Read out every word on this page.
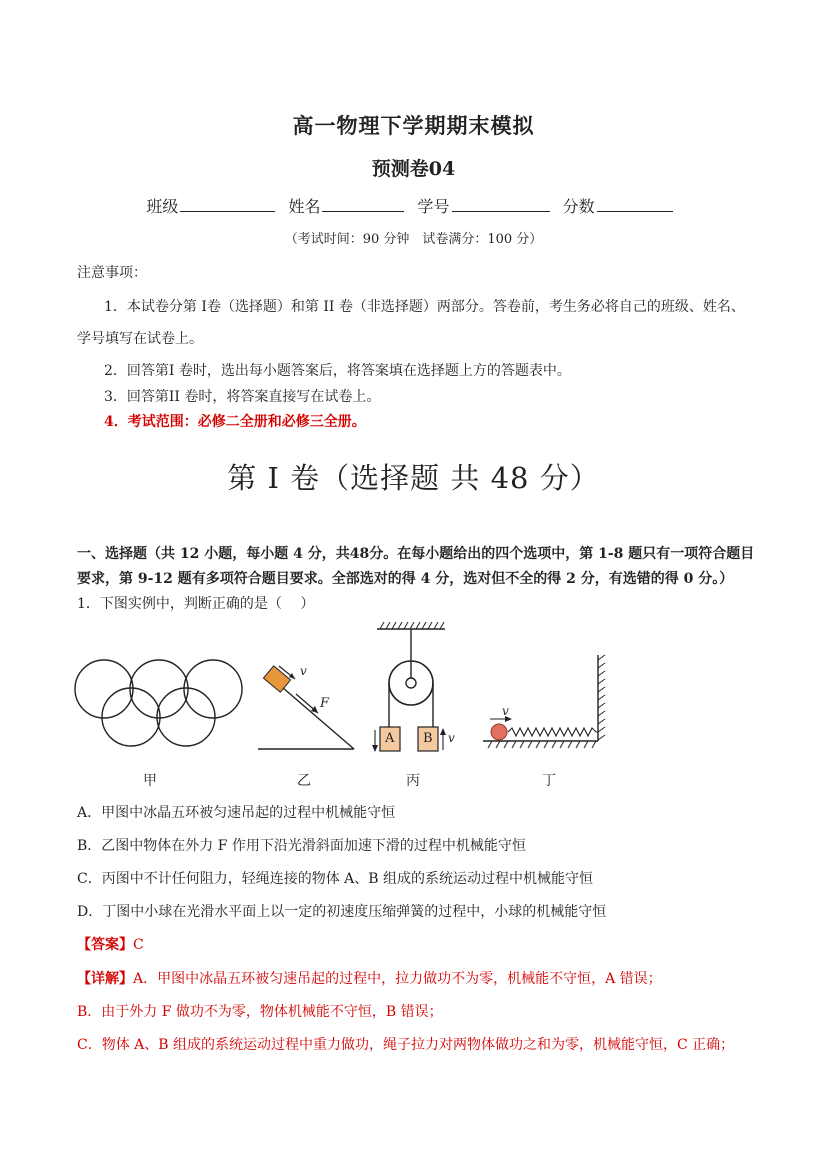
高一物理下学期期末模拟
预测卷04
班级	姓名	学号	分数
（考试时间：90 分钟　试卷满分：100 分）
注意事项：
1．本试卷分第 I卷（选择题）和第 II 卷（非选择题）两部分。答卷前，考生务必将自己的班级、姓名、
学号填写在试卷上。
2．回答第I 卷时，选出每小题答案后，将答案填在选择题上方的答题表中。
3．回答第II 卷时，将答案直接写在试卷上。
4．考试范围：必修二全册和必修三全册。
第 I 卷（选择题 共 48 分）
一、选择题（共 12 小题，每小题 4 分，共48分。在每小题给出的四个选项中，第 1-8 题只有一项符合题目要求，第 9-12 题有多项符合题目要求。全部选对的得 4 分，选对但不全的得 2 分，有选错的得 0 分。）
1．下图实例中，判断正确的是（　 ）
v
F
A B v
v
甲	乙	丙	丁
A．甲图中冰晶五环被匀速吊起的过程中机械能守恒
B．乙图中物体在外力 F 作用下沿光滑斜面加速下滑的过程中机械能守恒
C．丙图中不计任何阻力，轻绳连接的物体 A、B 组成的系统运动过程中机械能守恒
D．丁图中小球在光滑水平面上以一定的初速度压缩弹簧的过程中，小球的机械能守恒
【答案】C
【详解】A．甲图中冰晶五环被匀速吊起的过程中，拉力做功不为零，机械能不守恒，A 错误；
B．由于外力 F 做功不为零，物体机械能不守恒，B 错误；
C．物体 A、B 组成的系统运动过程中重力做功，绳子拉力对两物体做功之和为零，机械能守恒，C 正确；
